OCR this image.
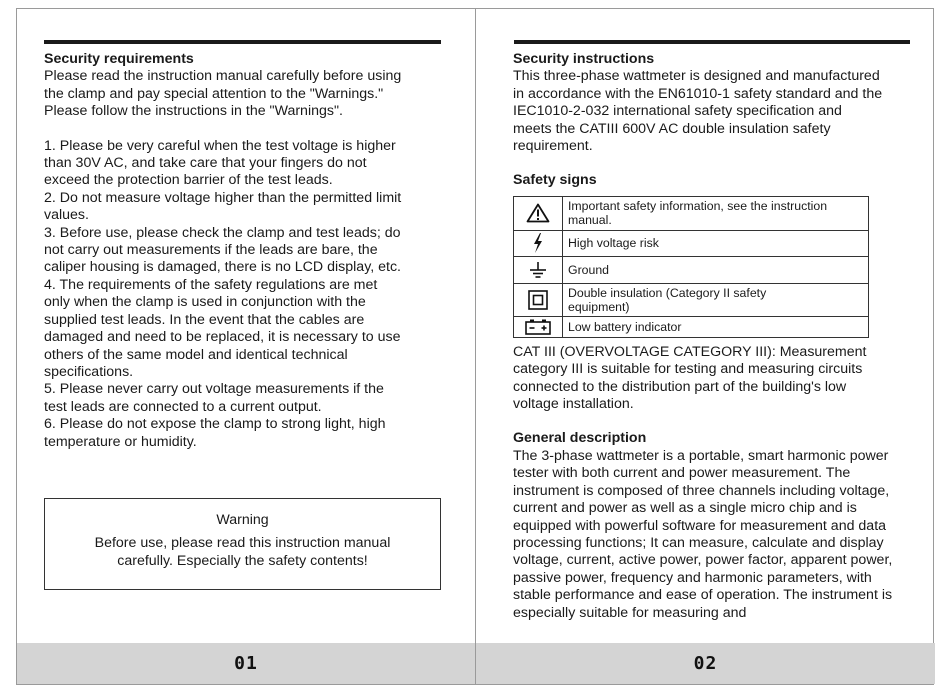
Security requirements

Please read the instruction manual carefully before using

the clamp and pay special attention to the "Warnings."

Please follow the instructions in the "Warnings".

1. Please be very careful when the test voltage is higher

than 30V AC, and take care that your fingers do not

exceed the protection barrier of the test leads.

2. Do not measure voltage higher than the permitted limit

values.

3. Before use, please check the clamp and test leads; do

not carry out measurements if the leads are bare, the

caliper housing is damaged, there is no LCD display, etc.

4. The requirements of the safety regulations are met

only when the clamp is used in conjunction with the

supplied test leads. In the event that the cables are

damaged and need to be replaced, it is necessary to use

others of the same model and identical technical

specifications.

5. Please never carry out voltage measurements if the

test leads are connected to a current output.

6. Please do not expose the clamp to strong light, high

temperature or humidity.

Warning

Before use, please read this instruction manual

carefully. Especially the safety contents!

01

Security instructions

This three-phase wattmeter is designed and manufactured

in accordance with the EN61010-1 safety standard and the

IEC1010-2-032 international safety specification and

meets the CATIII 600V AC double insulation safety

requirement.

Safety signs

Important safety information, see the instruction
manual.

High voltage risk

Ground

Double insulation (Category II safety
equipment)

Low battery indicator

CAT III (OVERVOLTAGE CATEGORY III): Measurement

category III is suitable for testing and measuring circuits

connected to the distribution part of the building's low

voltage installation.

General description

The 3-phase wattmeter is a portable, smart harmonic power

tester with both current and power measurement. The

instrument is composed of three channels including voltage,

current and power as well as a single micro chip and is

equipped with powerful software for measurement and data

processing functions; It can measure, calculate and display

voltage, current, active power, power factor, apparent power,

passive power, frequency and harmonic parameters, with

stable performance and ease of operation. The instrument is

especially suitable for measuring and

02
